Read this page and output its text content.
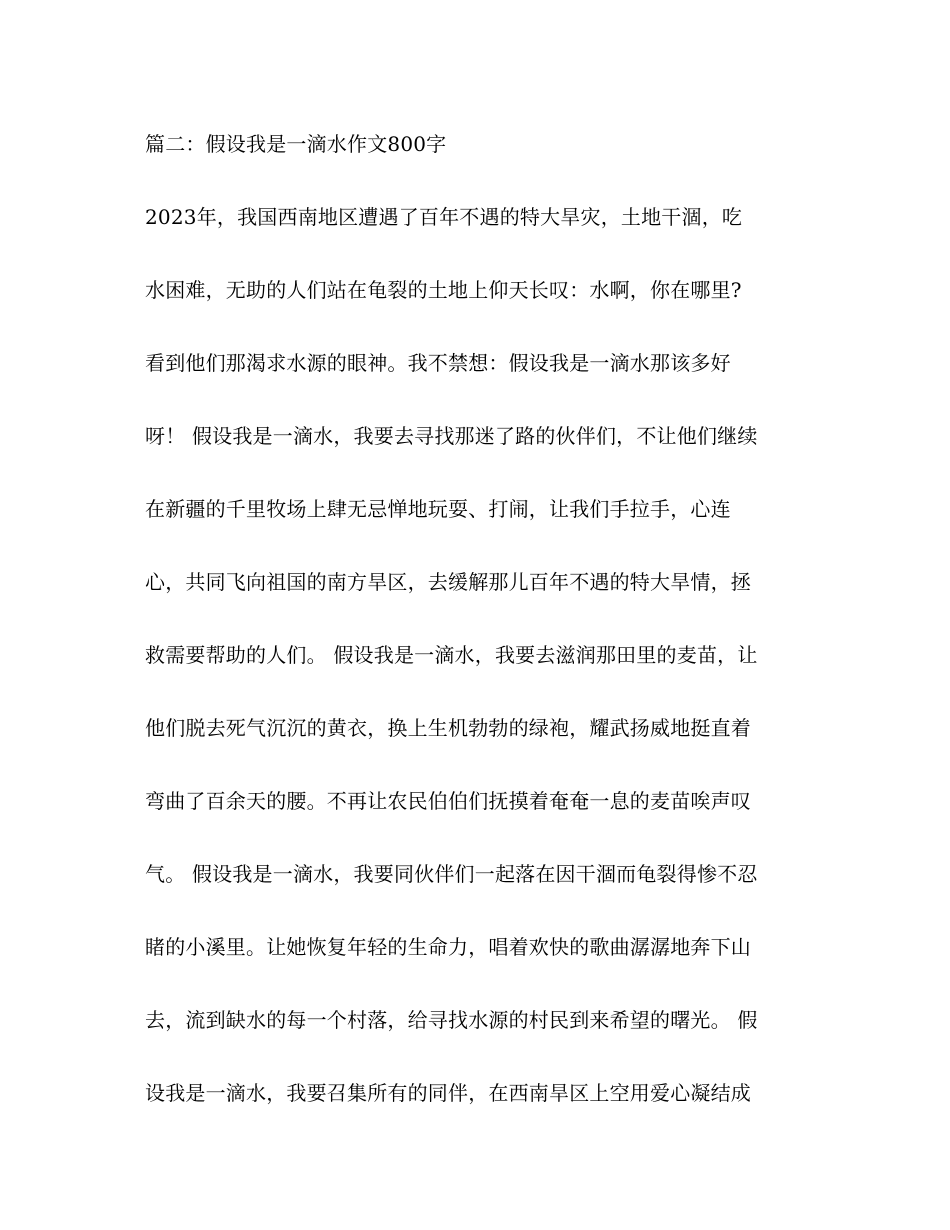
篇二：假设我是一滴水作文800字
2023年，我国西南地区遭遇了百年不遇的特大旱灾，土地干涸，吃
水困难，无助的人们站在龟裂的土地上仰天长叹：水啊，你在哪里?
看到他们那渴求水源的眼神。我不禁想：假设我是一滴水那该多好
呀！ 假设我是一滴水，我要去寻找那迷了路的伙伴们，不让他们继续
在新疆的千里牧场上肆无忌惮地玩耍、打闹，让我们手拉手，心连
心，共同飞向祖国的南方旱区，去缓解那儿百年不遇的特大旱情，拯
救需要帮助的人们。 假设我是一滴水，我要去滋润那田里的麦苗，让
他们脱去死气沉沉的黄衣，换上生机勃勃的绿袍，耀武扬威地挺直着
弯曲了百余天的腰。不再让农民伯伯们抚摸着奄奄一息的麦苗唉声叹
气。 假设我是一滴水，我要同伙伴们一起落在因干涸而龟裂得惨不忍
睹的小溪里。让她恢复年轻的生命力，唱着欢快的歌曲潺潺地奔下山
去，流到缺水的每一个村落，给寻找水源的村民到来希望的曙光。 假
设我是一滴水，我要召集所有的同伴，在西南旱区上空用爱心凝结成
